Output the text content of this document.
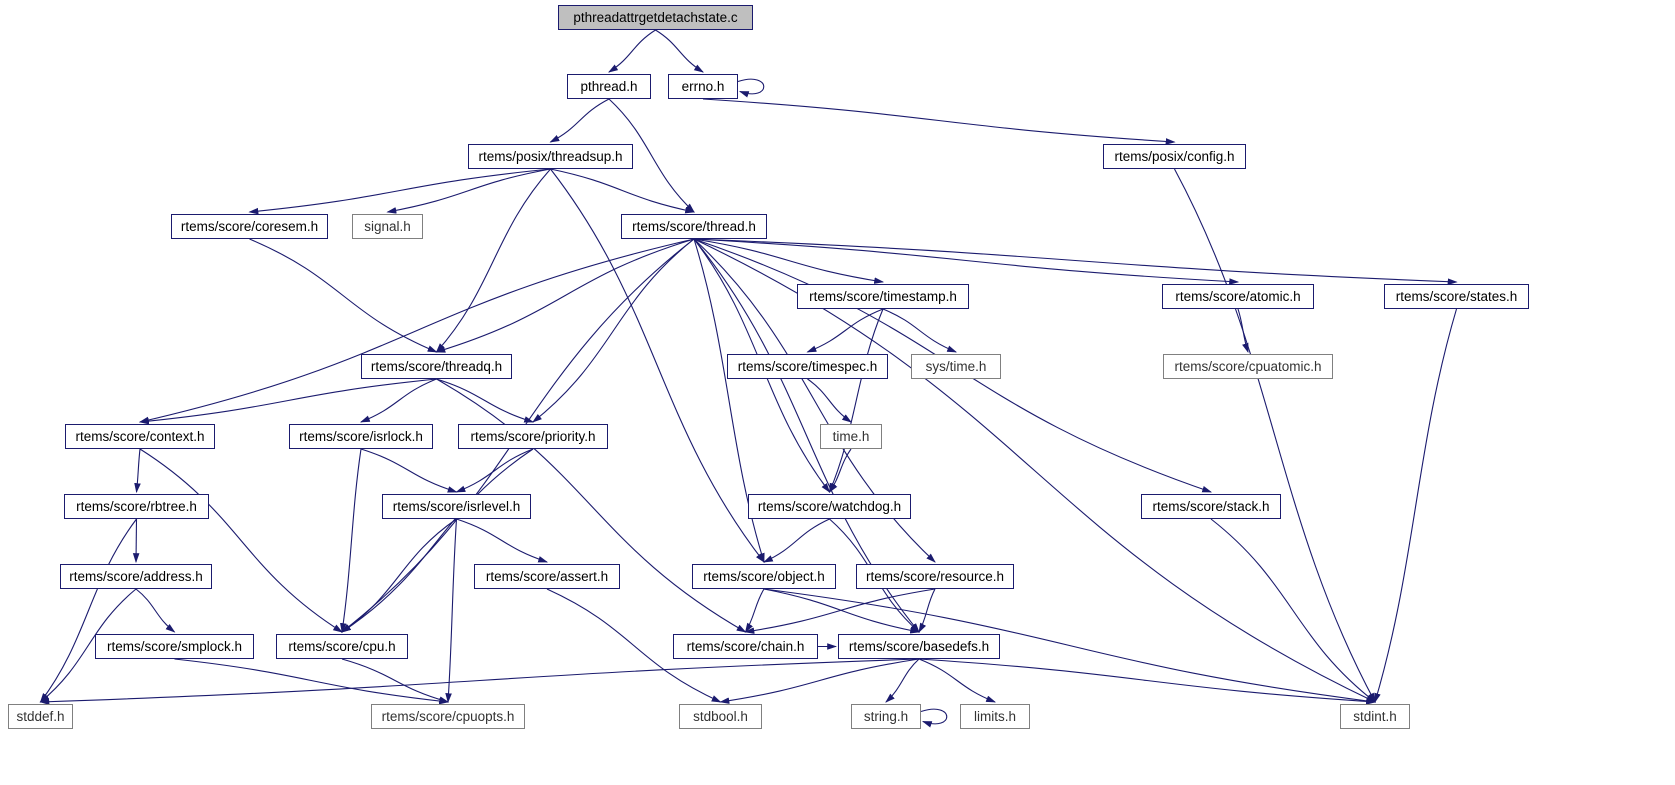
pthreadattrgetdetachstate.c
pthread.h	errno.h
rtems/posix/config.h
rtems/posix/threadsup.h
rtems/score/coresem.h	signal.h	rtems/score/thread.h
rtems/score/timestamp.h	rtems/score/atomic.h	rtems/score/states.h
rtems/score/timespec.h	sys/time.h	rtems/score/cpuatomic.h
rtems/score/threadq.h
rtems/score/context.h	rtems/score/isrlock.h	rtems/score/priority.h	time.h
rtems/score/rbtree.h	rtems/score/isrlevel.h	rtems/score/watchdog.h	rtems/score/stack.h
rtems/score/address.h	rtems/score/assert.h	rtems/score/object.h	rtems/score/resource.h
rtems/score/smplock.h	rtems/score/cpu.h	rtems/score/chain.h	rtems/score/basedefs.h
stddef.h	rtems/score/cpuopts.h	stdbool.h	string.h	limits.h	stdint.h
